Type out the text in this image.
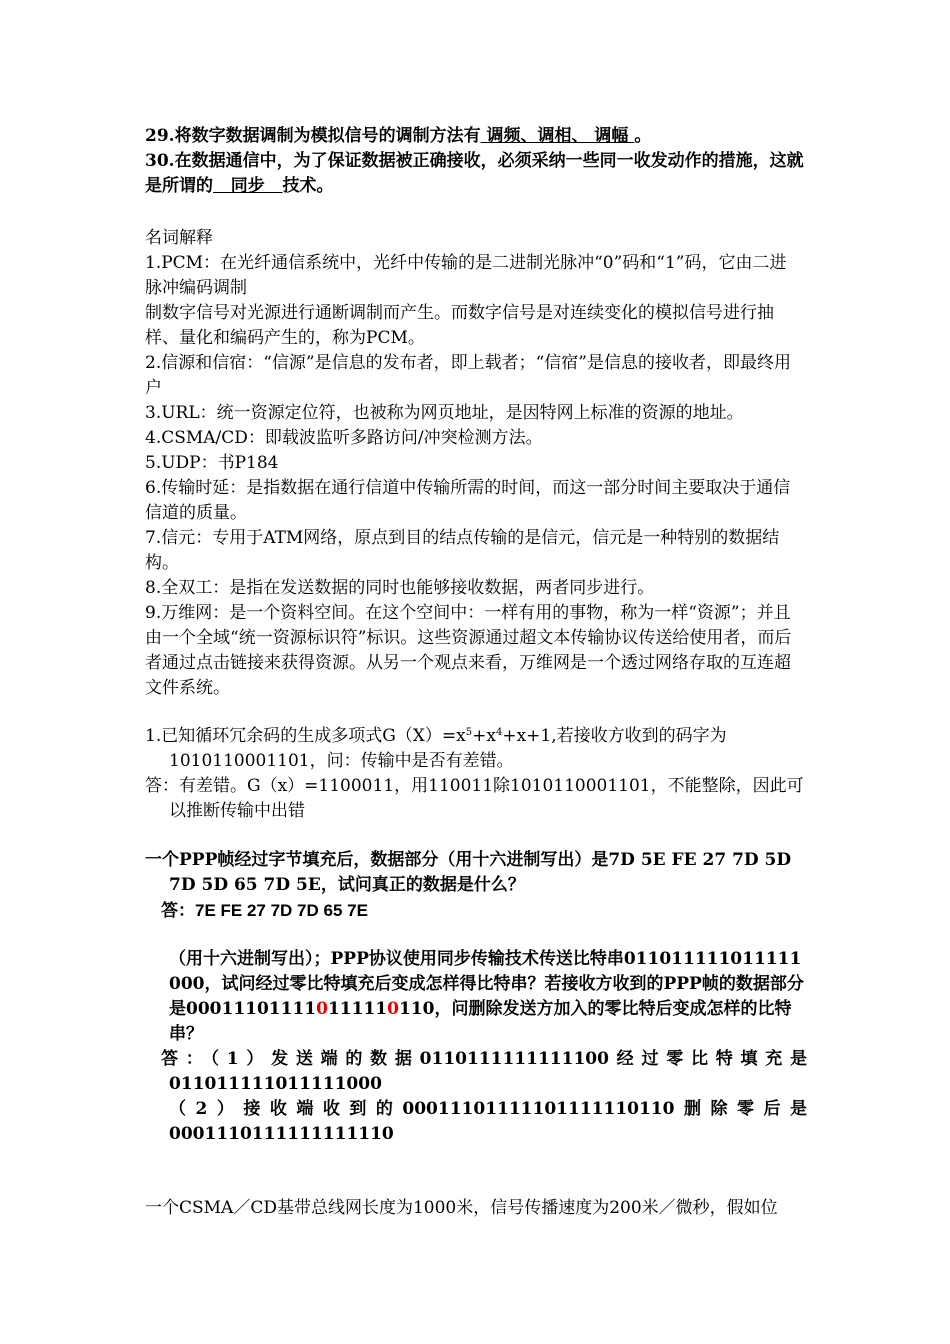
29.将数字数据调制为模拟信号的调制方法有 调频、调相、 调幅 。

30.在数据通信中，为了保证数据被正确接收，必须采纳一些同一收发动作的措施，这就是所谓的   同步   技术。

名词解释

1.PCM：在光纤通信系统中，光纤中传输的是二进制光脉冲“0”码和“1”码，它由二进  脉冲编码调制

制数字信号对光源进行通断调制而产生。而数字信号是对连续变化的模拟信号进行抽样、量化和编码产生的，称为PCM。

2.信源和信宿：“信源”是信息的发布者，即上载者；“信宿”是信息的接收者，即最终用户

3.URL：统一资源定位符，也被称为网页地址，是因特网上标准的资源的地址。

4.CSMA/CD：即载波监听多路访问/冲突检测方法。

5.UDP：书P184

6.传输时延：是指数据在通行信道中传输所需的时间，而这一部分时间主要取决于通信信道的质量。

7.信元：专用于ATM网络，原点到目的结点传输的是信元，信元是一种特别的数据结构。

8.全双工：是指在发送数据的同时也能够接收数据，两者同步进行。

9.万维网：是一个资料空间。在这个空间中：一样有用的事物，称为一样“资源”；并且由一个全域“统一资源标识符”标识。这些资源通过超文本传输协议传送给使用者，而后者通过点击链接来获得资源。从另一个观点来看，万维网是一个透过网络存取的互连超文件系统。

1.已知循环冗余码的生成多项式$G(X)=x^5+x^4+x+1$,若接收方收到的码字为1010110001101，问：传输中是否有差错。

答：有差错。G（x）=1100011，用110011除1010110001101，不能整除，因此可以推断传输中出错

一个PPP帧经过字节填充后，数据部分（用十六进制写出）是7D 5E FE 27 7D 5D 7D 5D 65 7D 5E，试问真正的数据是什么？

答：7E FE 27 7D 7D 65 7E

（用十六进制写出）；PPP协议使用同步传输技术传送比特串011011111011111 000，试问经过零比特填充后变成怎样得比特串？若接收方收到的PPP帧的数据部分是000111011110111110110，问删除发送方加入的零比特后变成怎样的比特串？

答：（1）发送端的数据0110111111111100经过零比特填充是

011011111011111000

（2）接收端收到的00011101111101111110110删除零后是

0001110111111111110

一个CSMA／CD基带总线网长度为1000米，信号传播速度为200米／微秒，假如位
